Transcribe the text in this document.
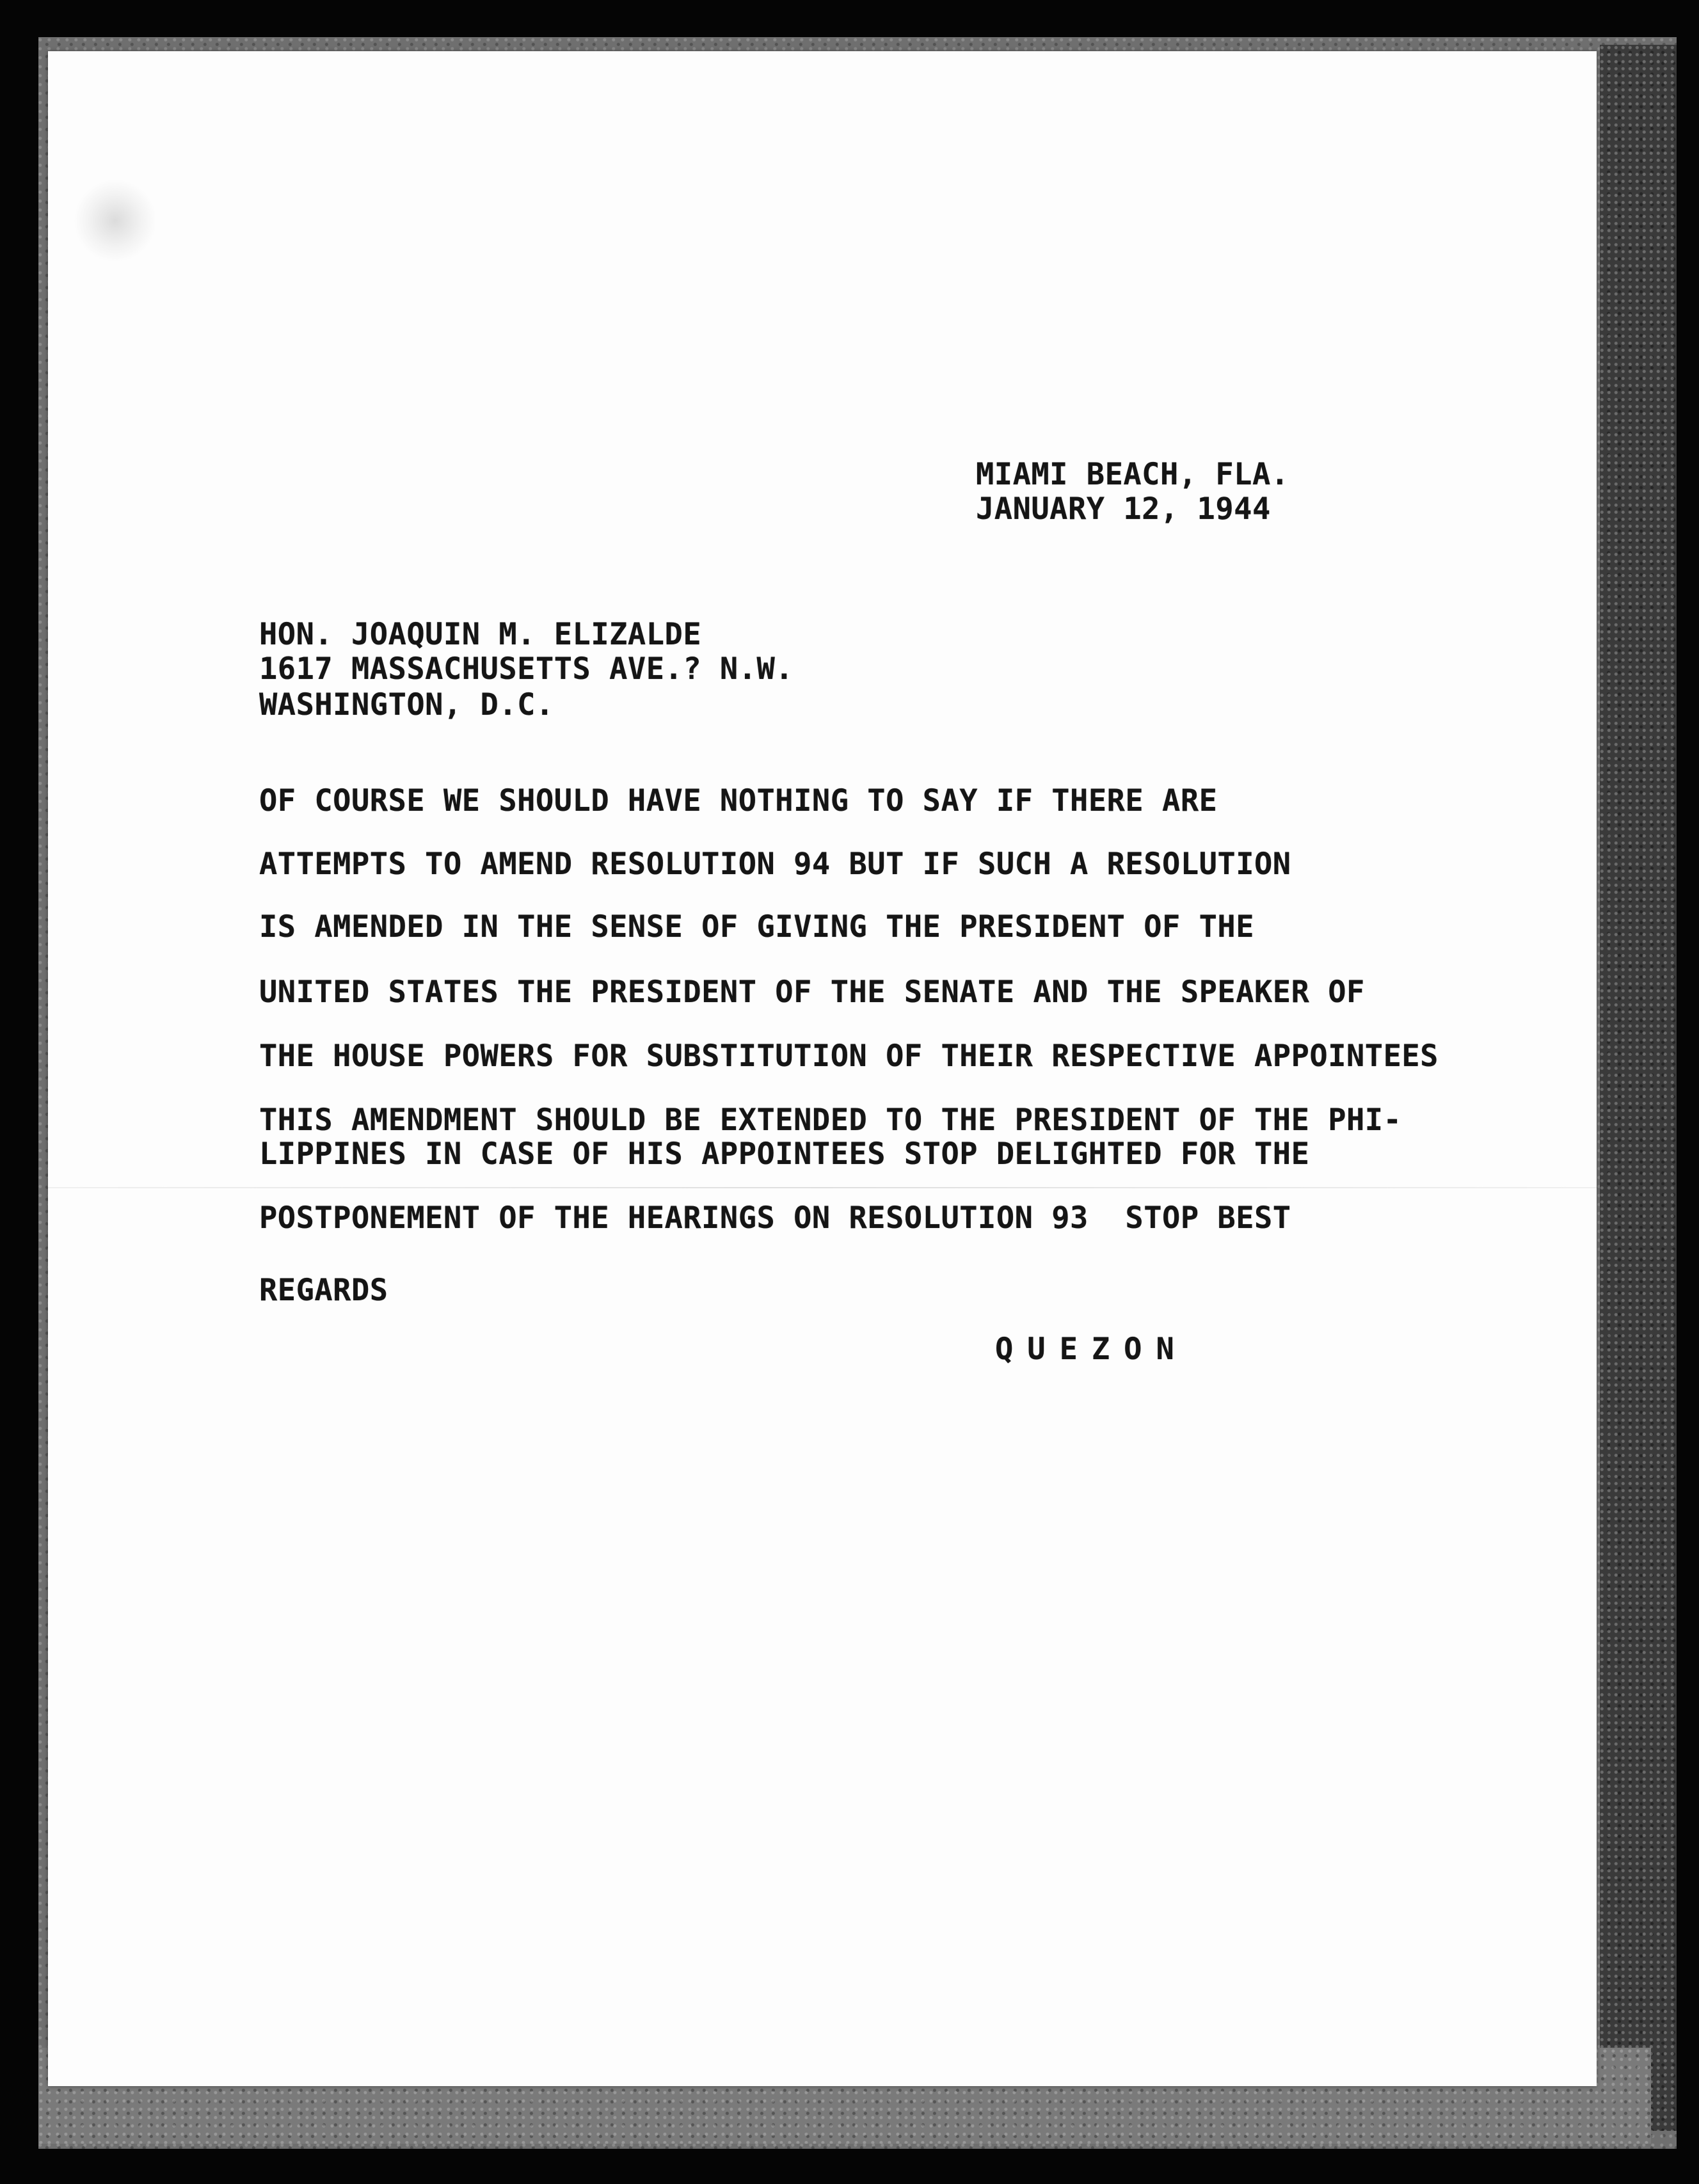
MIAMI BEACH, FLA.
JANUARY 12, 1944
HON. JOAQUIN M. ELIZALDE
1617 MASSACHUSETTS AVE.? N.W.
WASHINGTON, D.C.
OF COURSE WE SHOULD HAVE NOTHING TO SAY IF THERE ARE
ATTEMPTS TO AMEND RESOLUTION 94 BUT IF SUCH A RESOLUTION
IS AMENDED IN THE SENSE OF GIVING THE PRESIDENT OF THE
UNITED STATES THE PRESIDENT OF THE SENATE AND THE SPEAKER OF
THE HOUSE POWERS FOR SUBSTITUTION OF THEIR RESPECTIVE APPOINTEES
THIS AMENDMENT SHOULD BE EXTENDED TO THE PRESIDENT OF THE PHI-
LIPPINES IN CASE OF HIS APPOINTEES STOP DELIGHTED FOR THE
POSTPONEMENT OF THE HEARINGS ON RESOLUTION 93  STOP BEST
REGARDS
QUEZON
